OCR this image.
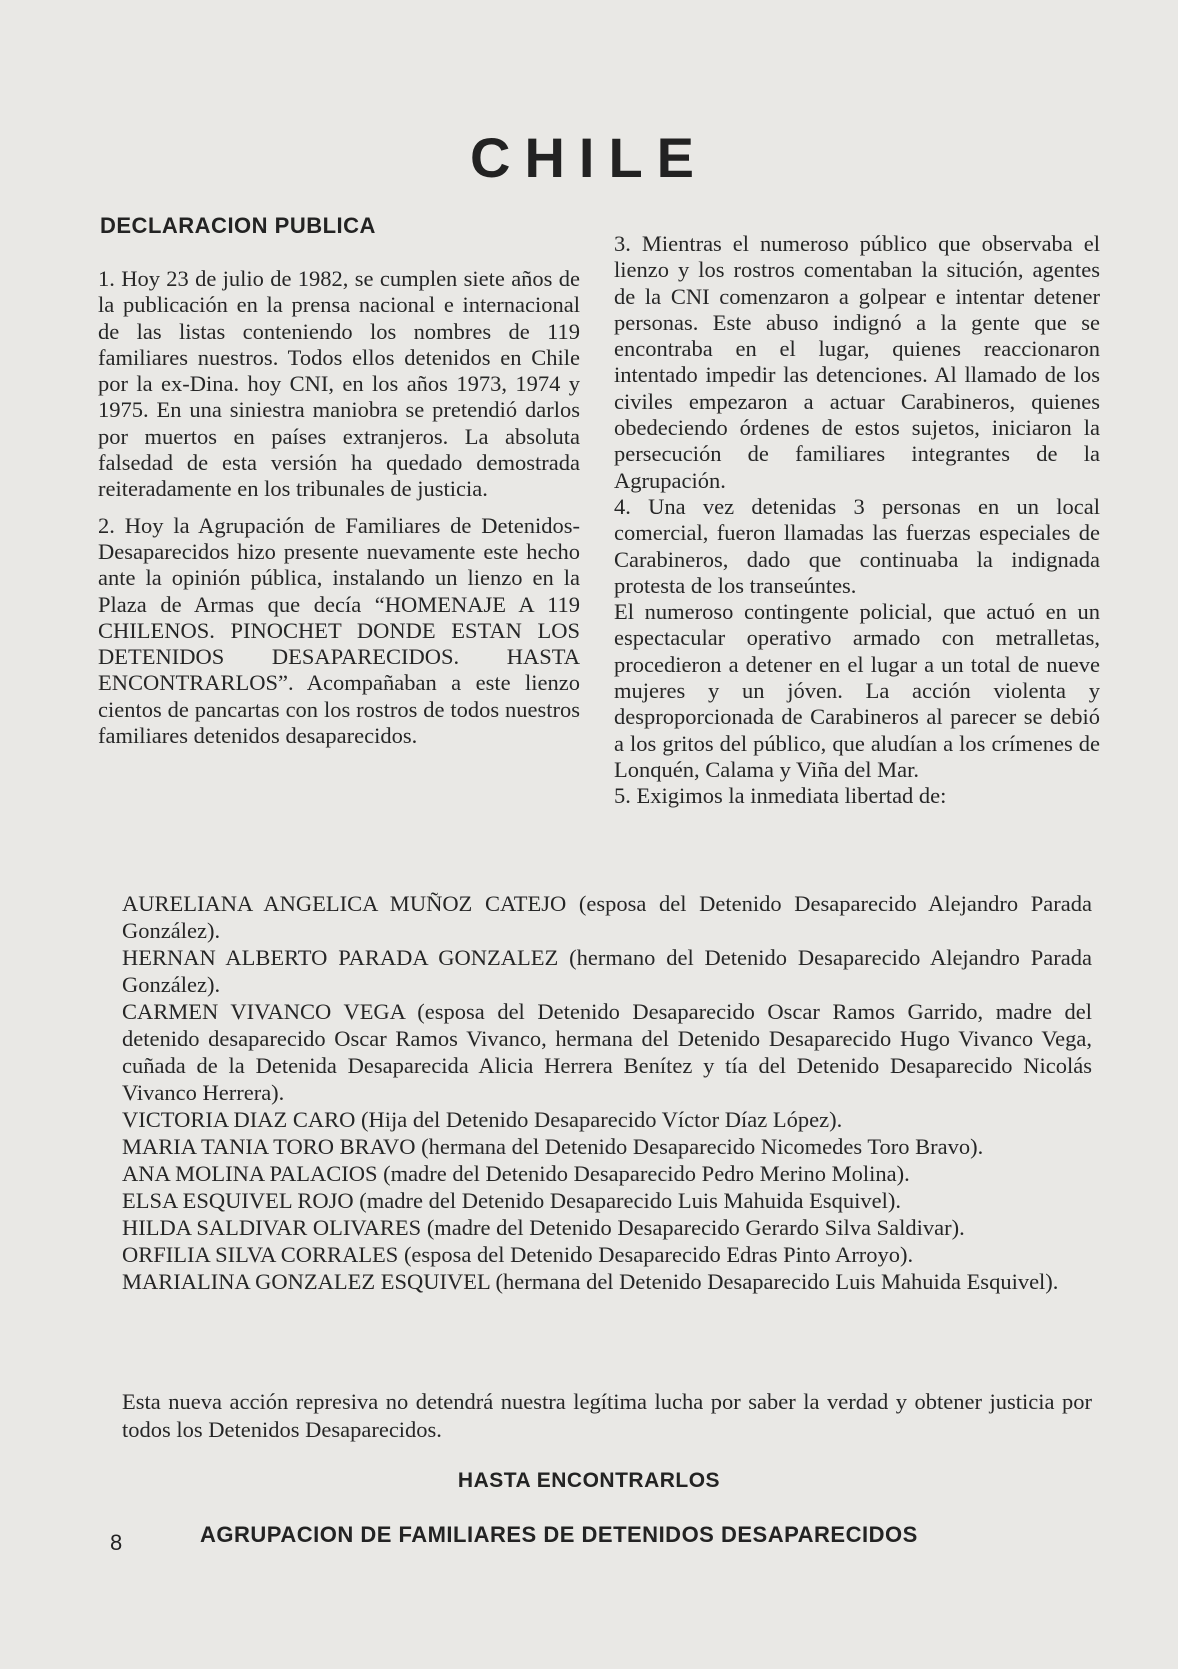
CHILE
DECLARACION PUBLICA

1. Hoy 23 de julio de 1982, se cumplen siete años de la publicación en la prensa nacional e internacional de las listas conteniendo los nombres de 119 familiares nuestros. Todos ellos detenidos en Chile por la ex-Dina. hoy CNI, en los años 1973, 1974 y 1975. En una siniestra maniobra se pretendió darlos por muertos en países extranjeros. La absoluta falsedad de esta versión ha quedado demostrada reiteradamente en los tribunales de justicia.

2. Hoy la Agrupación de Familiares de Detenidos-Desaparecidos hizo presente nuevamente este hecho ante la opinión pública, instalando un lienzo en la Plaza de Armas que decía “HOMENAJE A 119 CHILENOS. PINOCHET DONDE ESTAN LOS DETENIDOS DESAPARECIDOS. HASTA ENCONTRARLOS”. Acompañaban a este lienzo cientos de pancartas con los rostros de todos nuestros familiares detenidos desaparecidos.

3. Mientras el numeroso público que observaba el lienzo y los rostros comentaban la situción, agentes de la CNI comenzaron a golpear e intentar detener personas. Este abuso indignó a la gente que se encontraba en el lugar, quienes reaccionaron intentado impedir las detenciones. Al llamado de los civiles empezaron a actuar Carabineros, quienes obedeciendo órdenes de estos sujetos, iniciaron la persecución de familiares integrantes de la Agrupación.

4. Una vez detenidas 3 personas en un local comercial, fueron llamadas las fuerzas especiales de Carabineros, dado que continuaba la indignada protesta de los transeúntes.

El numeroso contingente policial, que actuó en un espectacular operativo armado con metralletas, procedieron a detener en el lugar a un total de nueve mujeres y un jóven. La acción violenta y desproporcionada de Carabineros al parecer se debió a los gritos del público, que aludían a los crímenes de Lonquén, Calama y Viña del Mar.

5. Exigimos la inmediata libertad de:

AURELIANA ANGELICA MUÑOZ CATEJO (esposa del Detenido Desaparecido Alejandro Parada González).

HERNAN ALBERTO PARADA GONZALEZ (hermano del Detenido Desaparecido Alejandro Parada González).

CARMEN VIVANCO VEGA (esposa del Detenido Desaparecido Oscar Ramos Garrido, madre del detenido desaparecido Oscar Ramos Vivanco, hermana del Detenido Desaparecido Hugo Vivanco Vega, cuñada de la Detenida Desaparecida Alicia Herrera Benítez y tía del Detenido Desaparecido Nicolás Vivanco Herrera).

VICTORIA DIAZ CARO (Hija del Detenido Desaparecido Víctor Díaz López).

MARIA TANIA TORO BRAVO (hermana del Detenido Desaparecido Nicomedes Toro Bravo).

ANA MOLINA PALACIOS (madre del Detenido Desaparecido Pedro Merino Molina).

ELSA ESQUIVEL ROJO (madre del Detenido Desaparecido Luis Mahuida Esquivel).

HILDA SALDIVAR OLIVARES (madre del Detenido Desaparecido Gerardo Silva Saldivar).

ORFILIA SILVA CORRALES (esposa del Detenido Desaparecido Edras Pinto Arroyo).

MARIALINA GONZALEZ ESQUIVEL (hermana del Detenido Desaparecido Luis Mahuida Esquivel).

Esta nueva acción represiva no detendrá nuestra legítima lucha por saber la verdad y obtener justicia por todos los Detenidos Desaparecidos.

HASTA ENCONTRARLOS
8	AGRUPACION DE FAMILIARES DE DETENIDOS DESAPARECIDOS
